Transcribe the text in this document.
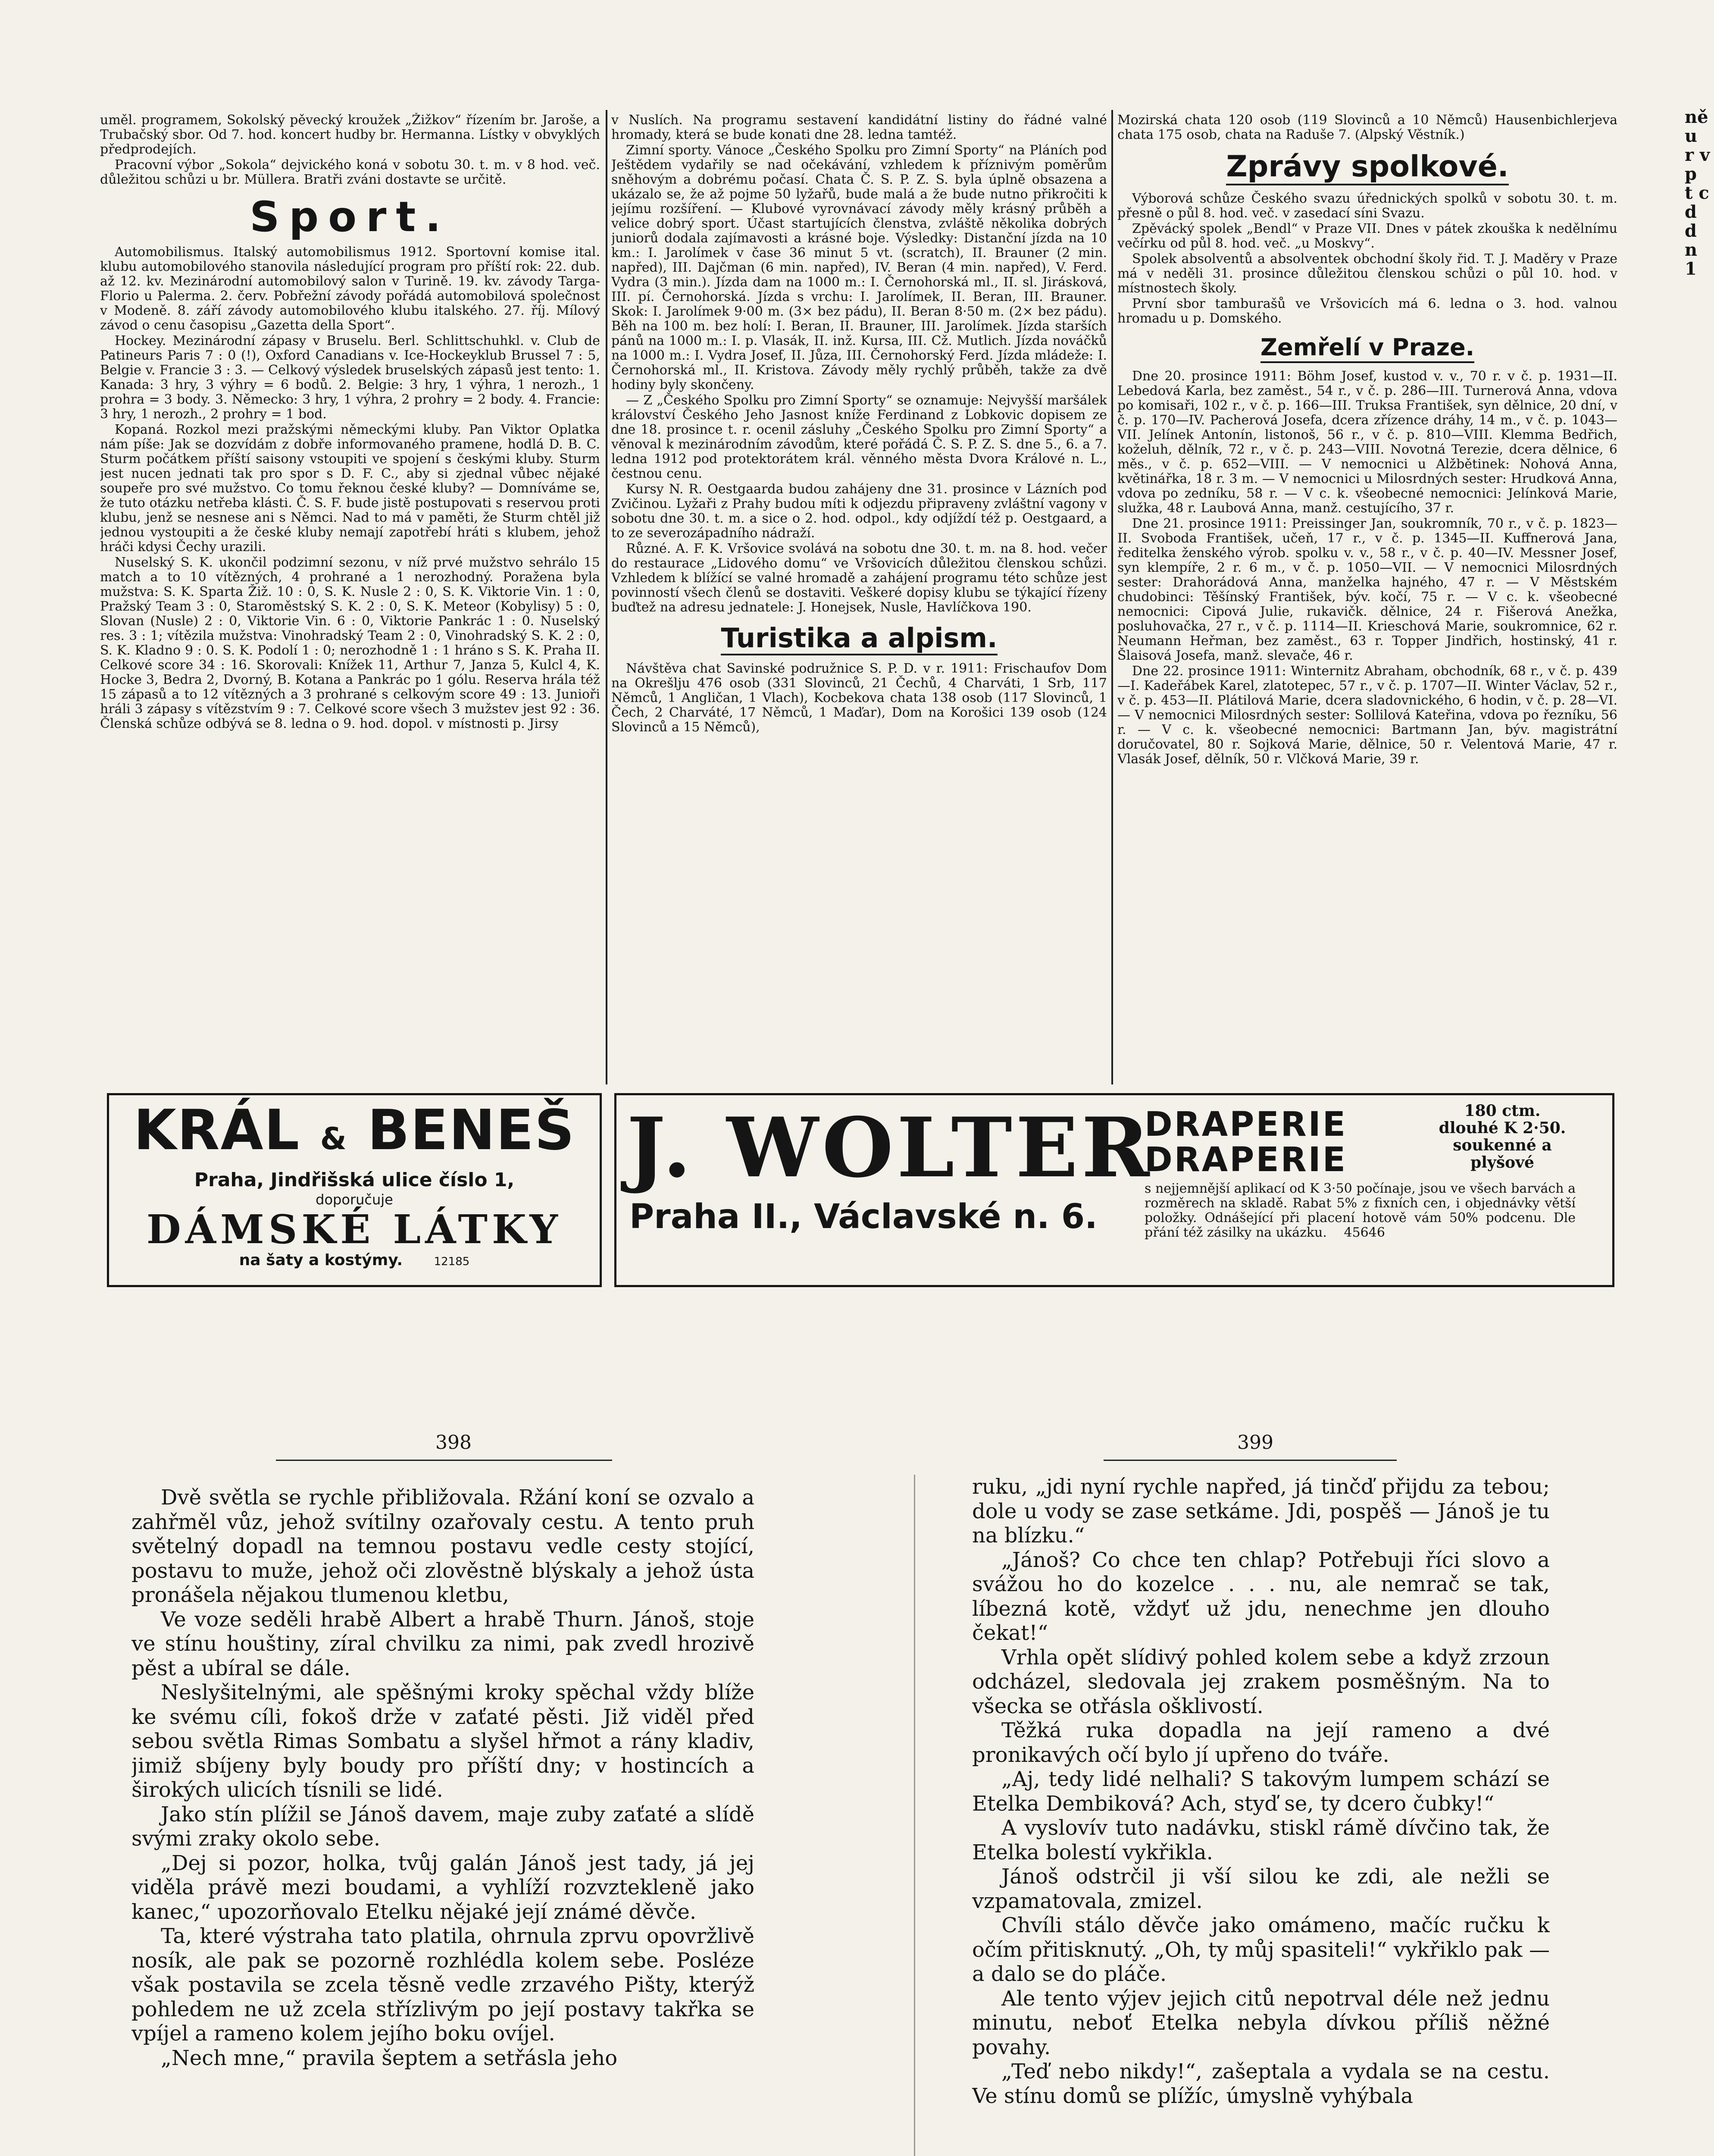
uměl. programem, Sokolský pěvecký kroužek „Žižkov“ řízením br. Jaroše, a Trubačský sbor. Od 7. hod. koncert hudby br. Hermanna. Lístky v obvyklých předprodejích.

Pracovní výbor „Sokola“ dejvického koná v sobotu 30. t. m. v 8 hod. več. důležitou schůzi u br. Müllera. Bratři zváni dostavte se určitě.

Sport.

Automobilismus. Italský automobilismus 1912. Sportovní komise ital. klubu automobilového stanovila následující program pro příští rok: 22. dub. až 12. kv. Mezinárodní automobilový salon v Turině. 19. kv. závody Targa-Florio u Palerma. 2. červ. Pobřežní závody pořádá automobilová společnost v Modeně. 8. září závody automobilového klubu italského. 27. říj. Mílový závod o cenu časopisu „Gazetta della Sport“.

Hockey. Mezinárodní zápasy v Bruselu. Berl. Schlittschuhkl. v. Club de Patineurs Paris 7 : 0 (!), Oxford Canadians v. Ice-Hockeyklub Brussel 7 : 5, Belgie v. Francie 3 : 3. — Celkový výsledek bruselských zápasů jest tento: 1. Kanada: 3 hry, 3 výhry = 6 bodů. 2. Belgie: 3 hry, 1 výhra, 1 nerozh., 1 prohra = 3 body. 3. Německo: 3 hry, 1 výhra, 2 prohry = 2 body. 4. Francie: 3 hry, 1 nerozh., 2 prohry = 1 bod.

Kopaná. Rozkol mezi pražskými německými kluby. Pan Viktor Oplatka nám píše: Jak se dozvídám z dobře informovaného pramene, hodlá D. B. C. Sturm počátkem příští saisony vstoupiti ve spojení s českými kluby. Sturm jest nucen jednati tak pro spor s D. F. C., aby si zjednal vůbec nějaké soupeře pro své mužstvo. Co tomu řeknou české kluby? — Domníváme se, že tuto otázku netřeba klásti. Č. S. F. bude jistě postupovati s reservou proti klubu, jenž se nesnese ani s Němci. Nad to má v paměti, že Sturm chtěl již jednou vystoupiti a že české kluby nemají zapotřebí hráti s klubem, jehož hráči kdysi Čechy urazili.

Nuselský S. K. ukončil podzimní sezonu, v níž prvé mužstvo sehrálo 15 match a to 10 vítězných, 4 prohrané a 1 nerozhodný. Poražena byla mužstva: S. K. Sparta Žiž. 10 : 0, S. K. Nusle 2 : 0, S. K. Viktorie Vin. 1 : 0, Pražský Team 3 : 0, Staroměstský S. K. 2 : 0, S. K. Meteor (Kobylisy) 5 : 0, Slovan (Nusle) 2 : 0, Viktorie Vin. 6 : 0, Viktorie Pankrác 1 : 0. Nuselský res. 3 : 1; vítězila mužstva: Vinohradský Team 2 : 0, Vinohradský S. K. 2 : 0, S. K. Kladno 9 : 0. S. K. Podolí 1 : 0; nerozhodně 1 : 1 hráno s S. K. Praha II. Celkové score 34 : 16. Skorovali: Knížek 11, Arthur 7, Janza 5, Kulcl 4, K. Hocke 3, Bedra 2, Dvorný, B. Kotana a Pankrác po 1 gólu. Reserva hrála též 15 zápasů a to 12 vítězných a 3 prohrané s celkovým score 49 : 13. Junioři hráli 3 zápasy s vítězstvím 9 : 7. Celkové score všech 3 mužstev jest 92 : 36. Členská schůze odbývá se 8. ledna o 9. hod. dopol. v místnosti p. Jirsy

v Nuslích. Na programu sestavení kandidátní listiny do řádné valné hromady, která se bude konati dne 28. ledna tamtéž.

Zimní sporty. Vánoce „Českého Spolku pro Zimní Sporty“ na Pláních pod Ještědem vydařily se nad očekávání, vzhledem k příznivým poměrům sněhovým a dobrému počasí. Chata Č. S. P. Z. S. byla úplně obsazena a ukázalo se, že až pojme 50 lyžařů, bude malá a že bude nutno přikročiti k jejímu rozšíření. — Klubové vyrovnávací závody měly krásný průběh a velice dobrý sport. Účast startujících členstva, zvláště několika dobrých juniorů dodala zajímavosti a krásné boje. Výsledky: Distanční jízda na 10 km.: I. Jarolímek v čase 36 minut 5 vt. (scratch), II. Brauner (2 min. napřed), III. Dajčman (6 min. napřed), IV. Beran (4 min. napřed), V. Ferd. Vydra (3 min.). Jízda dam na 1000 m.: I. Černohorská ml., II. sl. Jirásková, III. pí. Černohorská. Jízda s vrchu: I. Jarolímek, II. Beran, III. Brauner. Skok: I. Jarolímek 9·00 m. (3× bez pádu), II. Beran 8·50 m. (2× bez pádu). Běh na 100 m. bez holí: I. Beran, II. Brauner, III. Jarolímek. Jízda starších pánů na 1000 m.: I. p. Vlasák, II. inž. Kursa, III. Cž. Mutlich. Jízda nováčků na 1000 m.: I. Vydra Josef, II. Jůza, III. Černohorský Ferd. Jízda mládeže: I. Černohorská ml., II. Kristova. Závody měly rychlý průběh, takže za dvě hodiny byly skončeny.

— Z „Českého Spolku pro Zimní Sporty“ se oznamuje: Nejvyšší maršálek království Českého Jeho Jasnost kníže Ferdinand z Lobkovic dopisem ze dne 18. prosince t. r. ocenil zásluhy „Českého Spolku pro Zimní Sporty“ a věnoval k mezinárodním závodům, které pořádá Č. S. P. Z. S. dne 5., 6. a 7. ledna 1912 pod protektorátem král. věnného města Dvora Králové n. L., čestnou cenu.

Kursy N. R. Oestgaarda budou zahájeny dne 31. prosince v Lázních pod Zvičinou. Lyžaři z Prahy budou míti k odjezdu připraveny zvláštní vagony v sobotu dne 30. t. m. a sice o 2. hod. odpol., kdy odjíždí též p. Oestgaard, a to ze severozápadního nádraží.

Různé. A. F. K. Vršovice svolává na sobotu dne 30. t. m. na 8. hod. večer do restaurace „Lidového domu“ ve Vršovicích důležitou členskou schůzi. Vzhledem k blížící se valné hromadě a zahájení programu této schůze jest povinností všech členů se dostaviti. Veškeré dopisy klubu se týkající řízeny buďtež na adresu jednatele: J. Honejsek, Nusle, Havlíčkova 190.

Turistika a alpism.

Návštěva chat Savinské podružnice S. P. D. v r. 1911: Frischaufov Dom na Okrešlju 476 osob (331 Slovinců, 21 Čechů, 4 Charváti, 1 Srb, 117 Němců, 1 Angličan, 1 Vlach), Kocbekova chata 138 osob (117 Slovinců, 1 Čech, 2 Charváté, 17 Němců, 1 Maďar), Dom na Korošici 139 osob (124 Slovinců a 15 Němců),

Mozirská chata 120 osob (119 Slovinců a 10 Němců) Hausenbichlerjeva chata 175 osob, chata na Raduše 7. (Alpský Věstník.)

Zprávy spolkové.

Výborová schůze Českého svazu úřednických spolků v sobotu 30. t. m. přesně o půl 8. hod. več. v zasedací síni Svazu.

Zpěvácký spolek „Bendl“ v Praze VII. Dnes v pátek zkouška k nedělnímu večírku od půl 8. hod. več. „u Moskvy“.

Spolek absolventů a absolventek obchodní školy řid. T. J. Maděry v Praze má v neděli 31. prosince důležitou členskou schůzi o půl 10. hod. v místnostech školy.

První sbor tamburašů ve Vršovicích má 6. ledna o 3. hod. valnou hromadu u p. Domského.

Zemřelí v Praze.

Dne 20. prosince 1911: Böhm Josef, kustod v. v., 70 r. v č. p. 1931—II. Lebedová Karla, bez zaměst., 54 r., v č. p. 286—III. Turnerová Anna, vdova po komisaři, 102 r., v č. p. 166—III. Truksa František, syn dělnice, 20 dní, v č. p. 170—IV. Pacherová Josefa, dcera zřízence dráhy, 14 m., v č. p. 1043—VII. Jelínek Antonín, listonoš, 56 r., v č. p. 810—VIII. Klemma Bedřich, koželuh, dělník, 72 r., v č. p. 243—VIII. Novotná Terezie, dcera dělnice, 6 měs., v č. p. 652—VIII. — V nemocnici u Alžbětinek: Nohová Anna, květinářka, 18 r. 3 m. — V nemocnici u Milosrdných sester: Hrudková Anna, vdova po zedníku, 58 r. — V c. k. všeobecné nemocnici: Jelínková Marie, služka, 48 r. Laubová Anna, manž. cestujícího, 37 r.

Dne 21. prosince 1911: Preissinger Jan, soukromník, 70 r., v č. p. 1823—II. Svoboda František, učeň, 17 r., v č. p. 1345—II. Kuffnerová Jana, ředitelka ženského výrob. spolku v. v., 58 r., v č. p. 40—IV. Messner Josef, syn klempíře, 2 r. 6 m., v č. p. 1050—VII. — V nemocnici Milosrdných sester: Drahorádová Anna, manželka hajného, 47 r. — V Městském chudobinci: Těšínský František, býv. kočí, 75 r. — V c. k. všeobecné nemocnici: Cipová Julie, rukavičk. dělnice, 24 r. Fišerová Anežka, posluhovačka, 27 r., v č. p. 1114—II. Krieschová Marie, soukromnice, 62 r. Neumann Heřman, bez zaměst., 63 r. Topper Jindřich, hostinský, 41 r. Šlaisová Josefa, manž. slevače, 46 r.

Dne 22. prosince 1911: Winternitz Abraham, obchodník, 68 r., v č. p. 439—I. Kadeřábek Karel, zlatotepec, 57 r., v č. p. 1707—II. Winter Václav, 52 r., v č. p. 453—II. Plátilová Marie, dcera sladovnického, 6 hodin, v č. p. 28—VI. — V nemocnici Milosrdných sester: Sollilová Kateřina, vdova po řezníku, 56 r. — V c. k. všeobecné nemocnici: Bartmann Jan, býv. magistrátní doručovatel, 80 r. Sojková Marie, dělnice, 50 r. Velentová Marie, 47 r. Vlasák Josef, dělník, 50 r. Vlčková Marie, 39 r.

KRÁL & BENEŠ
Praha, Jindřišská ulice číslo 1,
doporučuje
DÁMSKÉ LÁTKY
na šaty a kostýmy.	12185
J. WOLTER
Praha II., Václavské n. 6.
DRAPERIE
DRAPERIE
180 ctm. dlouhé K 2·50. soukenné a plyšové
s nejjemnější aplikací od K 3·50 počínaje, jsou ve všech barvách a rozměrech na skladě. Rabat 5% z fixních cen, i objednávky větší položky. Odnášející při placení hotově vám 50% podcenu. Dle přání též zásilky na ukázku. 45646
398	399

Dvě světla se rychle přibližovala. Ržání koní se ozvalo a zahřměl vůz, jehož svítilny ozařovaly cestu. A tento pruh světelný dopadl na temnou postavu vedle cesty stojící, postavu to muže, jehož oči zlověstně blýskaly a jehož ústa pronášela nějakou tlumenou kletbu,

Ve voze seděli hrabě Albert a hrabě Thurn. Jánoš, stoje ve stínu houštiny, zíral chvilku za nimi, pak zvedl hrozivě pěst a ubíral se dále.

Neslyšitelnými, ale spěšnými kroky spěchal vždy blíže ke svému cíli, fokoš drže v zaťaté pěsti. Již viděl před sebou světla Rimas Sombatu a slyšel hřmot a rány kladiv, jimiž sbíjeny byly boudy pro příští dny; v hostincích a širokých ulicích tísnili se lidé.

Jako stín plížil se Jánoš davem, maje zuby zaťaté a slídě svými zraky okolo sebe.

„Dej si pozor, holka, tvůj galán Jánoš jest tady, já jej viděla právě mezi boudami, a vyhlíží rozvztekleně jako kanec,“ upozorňovalo Etelku nějaké její známé děvče.

Ta, které výstraha tato platila, ohrnula zprvu opovržlivě nosík, ale pak se pozorně rozhlédla kolem sebe. Posléze však postavila se zcela těsně vedle zrzavého Pišty, kterýž pohledem ne už zcela střízlivým po její postavy takřka se vpíjel a rameno kolem jejího boku ovíjel.

„Nech mne,“ pravila šeptem a setřásla jeho

ruku, „jdi nyní rychle napřed, já tinčď přijdu za tebou; dole u vody se zase setkáme. Jdi, pospěš — Jánoš je tu na blízku.“

„Jánoš? Co chce ten chlap? Potřebuji říci slovo a svážou ho do kozelce . . . nu, ale nemrač se tak, líbezná kotě, vždyť už jdu, nenechme jen dlouho čekat!“

Vrhla opět slídivý pohled kolem sebe a když zrzoun odcházel, sledovala jej zrakem posměšným. Na to všecka se otřásla ošklivostí.

Těžká ruka dopadla na její rameno a dvé pronikavých očí bylo jí upřeno do tváře.

„Aj, tedy lidé nelhali? S takovým lumpem schází se Etelka Dembiková? Ach, styď se, ty dcero čubky!“

A vyslovív tuto nadávku, stiskl rámě dívčino tak, že Etelka bolestí vykřikla.

Jánoš odstrčil ji vší silou ke zdi, ale nežli se vzpamatovala, zmizel.

Chvíli stálo děvče jako omámeno, mačíc ručku k očím přitisknutý. „Oh, ty můj spasiteli!“ vykřiklo pak — a dalo se do pláče.

Ale tento výjev jejich citů nepotrval déle než jednu minutu, neboť Etelka nebyla dívkou příliš něžné povahy.

„Teď nebo nikdy!“, zašeptala a vydala se na cestu. Ve stínu domů se plížíc, úmyslně vyhýbala

ně u r v p t c d d n 1
